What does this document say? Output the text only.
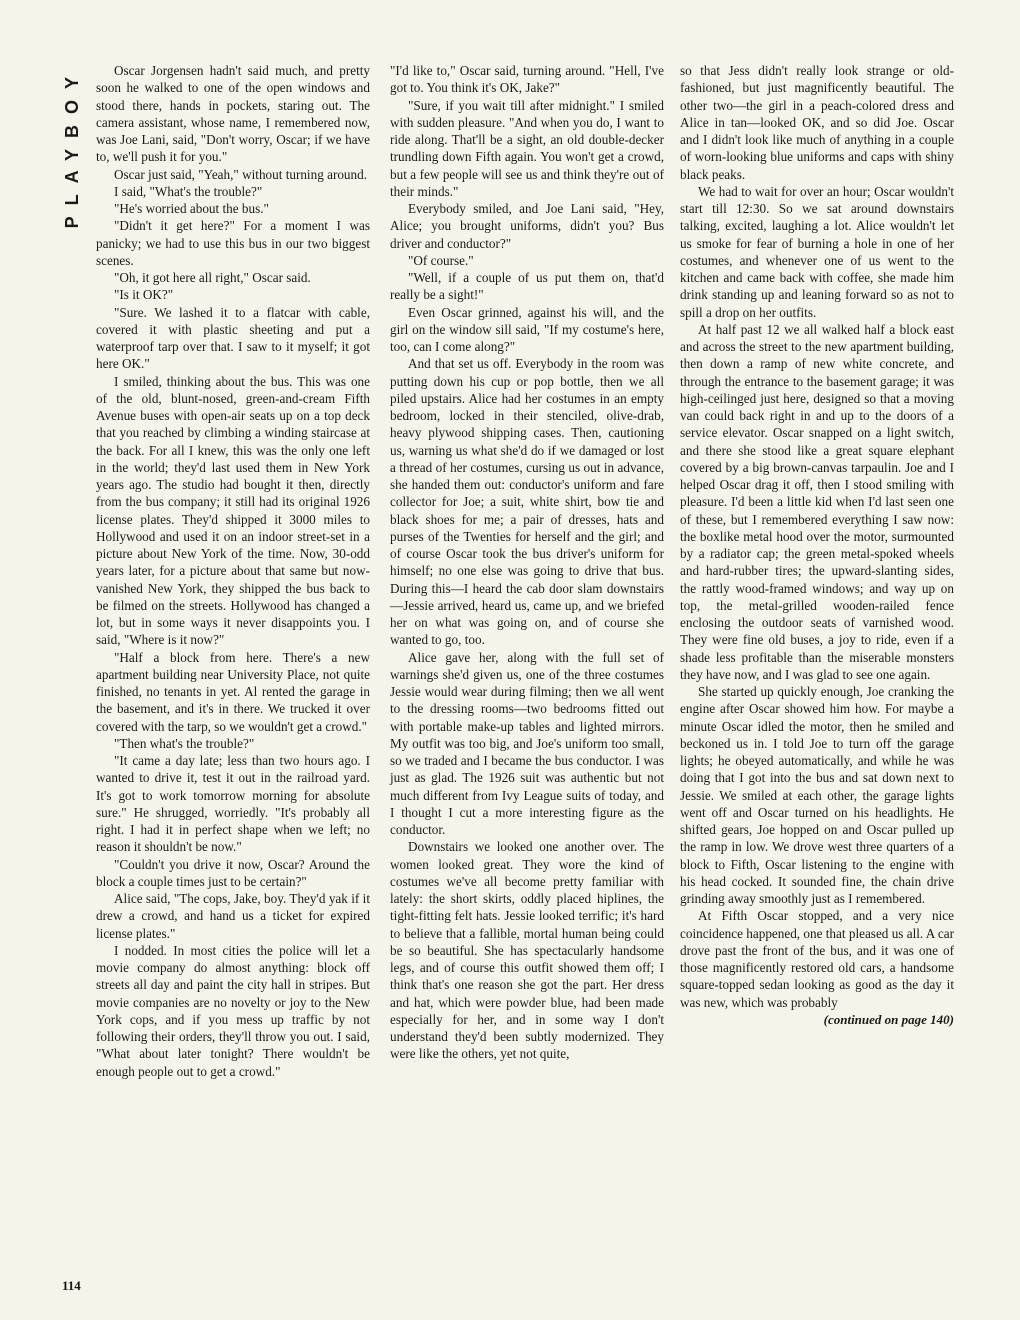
PLAYBOY	Oscar Jorgensen hadn't said much, and pretty soon he walked to one of the open windows and stood there, hands in pockets, staring out. The camera assistant, whose name, I remembered now, was Joe Lani, said, "Don't worry, Oscar; if we have to, we'll push it for you."

Oscar just said, "Yeah," without turning around.

I said, "What's the trouble?"

"He's worried about the bus."

"Didn't it get here?" For a moment I was panicky; we had to use this bus in our two biggest scenes.

"Oh, it got here all right," Oscar said.

"Is it OK?"

"Sure. We lashed it to a flatcar with cable, covered it with plastic sheeting and put a waterproof tarp over that. I saw to it myself; it got here OK."

I smiled, thinking about the bus. This was one of the old, blunt-nosed, green-and-cream Fifth Avenue buses with open-air seats up on a top deck that you reached by climbing a winding staircase at the back. For all I knew, this was the only one left in the world; they'd last used them in New York years ago. The studio had bought it then, directly from the bus company; it still had its original 1926 license plates. They'd shipped it 3000 miles to Hollywood and used it on an indoor street-set in a picture about New York of the time. Now, 30-odd years later, for a picture about that same but now-vanished New York, they shipped the bus back to be filmed on the streets. Hollywood has changed a lot, but in some ways it never disappoints you. I said, "Where is it now?"

"Half a block from here. There's a new apartment building near University Place, not quite finished, no tenants in yet. Al rented the garage in the basement, and it's in there. We trucked it over covered with the tarp, so we wouldn't get a crowd."

"Then what's the trouble?"

"It came a day late; less than two hours ago. I wanted to drive it, test it out in the railroad yard. It's got to work tomorrow morning for absolute sure." He shrugged, worriedly. "It's probably all right. I had it in perfect shape when we left; no reason it shouldn't be now."

"Couldn't you drive it now, Oscar? Around the block a couple times just to be certain?"

Alice said, "The cops, Jake, boy. They'd yak if it drew a crowd, and hand us a ticket for expired license plates."

I nodded. In most cities the police will let a movie company do almost anything: block off streets all day and paint the city hall in stripes. But movie companies are no novelty or joy to the New York cops, and if you mess up traffic by not following their orders, they'll throw you out. I said, "What about later tonight? There wouldn't be enough people out to get a crowd."

"I'd like to," Oscar said, turning around. "Hell, I've got to. You think it's OK, Jake?"

"Sure, if you wait till after midnight." I smiled with sudden pleasure. "And when you do, I want to ride along. That'll be a sight, an old double-decker trundling down Fifth again. You won't get a crowd, but a few people will see us and think they're out of their minds."

Everybody smiled, and Joe Lani said, "Hey, Alice; you brought uniforms, didn't you? Bus driver and conductor?"

"Of course."

"Well, if a couple of us put them on, that'd really be a sight!"

Even Oscar grinned, against his will, and the girl on the window sill said, "If my costume's here, too, can I come along?"

And that set us off. Everybody in the room was putting down his cup or pop bottle, then we all piled upstairs. Alice had her costumes in an empty bedroom, locked in their stenciled, olive-drab, heavy plywood shipping cases. Then, cautioning us, warning us what she'd do if we damaged or lost a thread of her costumes, cursing us out in advance, she handed them out: conductor's uniform and fare collector for Joe; a suit, white shirt, bow tie and black shoes for me; a pair of dresses, hats and purses of the Twenties for herself and the girl; and of course Oscar took the bus driver's uniform for himself; no one else was going to drive that bus. During this—I heard the cab door slam downstairs—Jessie arrived, heard us, came up, and we briefed her on what was going on, and of course she wanted to go, too.

Alice gave her, along with the full set of warnings she'd given us, one of the three costumes Jessie would wear during filming; then we all went to the dressing rooms—two bedrooms fitted out with portable make-up tables and lighted mirrors. My outfit was too big, and Joe's uniform too small, so we traded and I became the bus conductor. I was just as glad. The 1926 suit was authentic but not much different from Ivy League suits of today, and I thought I cut a more interesting figure as the conductor.

Downstairs we looked one another over. The women looked great. They wore the kind of costumes we've all become pretty familiar with lately: the short skirts, oddly placed hiplines, the tight-fitting felt hats. Jessie looked terrific; it's hard to believe that a fallible, mortal human being could be so beautiful. She has spectacularly handsome legs, and of course this outfit showed them off; I think that's one reason she got the part. Her dress and hat, which were powder blue, had been made especially for her, and in some way I don't understand they'd been subtly modernized. They were like the others, yet not quite,

so that Jess didn't really look strange or old-fashioned, but just magnificently beautiful. The other two—the girl in a peach-colored dress and Alice in tan—looked OK, and so did Joe. Oscar and I didn't look like much of anything in a couple of worn-looking blue uniforms and caps with shiny black peaks.

We had to wait for over an hour; Oscar wouldn't start till 12:30. So we sat around downstairs talking, excited, laughing a lot. Alice wouldn't let us smoke for fear of burning a hole in one of her costumes, and whenever one of us went to the kitchen and came back with coffee, she made him drink standing up and leaning forward so as not to spill a drop on her outfits.

At half past 12 we all walked half a block east and across the street to the new apartment building, then down a ramp of new white concrete, and through the entrance to the basement garage; it was high-ceilinged just here, designed so that a moving van could back right in and up to the doors of a service elevator. Oscar snapped on a light switch, and there she stood like a great square elephant covered by a big brown-canvas tarpaulin. Joe and I helped Oscar drag it off, then I stood smiling with pleasure. I'd been a little kid when I'd last seen one of these, but I remembered everything I saw now: the boxlike metal hood over the motor, surmounted by a radiator cap; the green metal-spoked wheels and hard-rubber tires; the upward-slanting sides, the rattly wood-framed windows; and way up on top, the metal-grilled wooden-railed fence enclosing the outdoor seats of varnished wood. They were fine old buses, a joy to ride, even if a shade less profitable than the miserable monsters they have now, and I was glad to see one again.

She started up quickly enough, Joe cranking the engine after Oscar showed him how. For maybe a minute Oscar idled the motor, then he smiled and beckoned us in. I told Joe to turn off the garage lights; he obeyed automatically, and while he was doing that I got into the bus and sat down next to Jessie. We smiled at each other, the garage lights went off and Oscar turned on his headlights. He shifted gears, Joe hopped on and Oscar pulled up the ramp in low. We drove west three quarters of a block to Fifth, Oscar listening to the engine with his head cocked. It sounded fine, the chain drive grinding away smoothly just as I remembered.

At Fifth Oscar stopped, and a very nice coincidence happened, one that pleased us all. A car drove past the front of the bus, and it was one of those magnificently restored old cars, a handsome square-topped sedan looking as good as the day it was new, which was probably

(continued on page 140)
114
